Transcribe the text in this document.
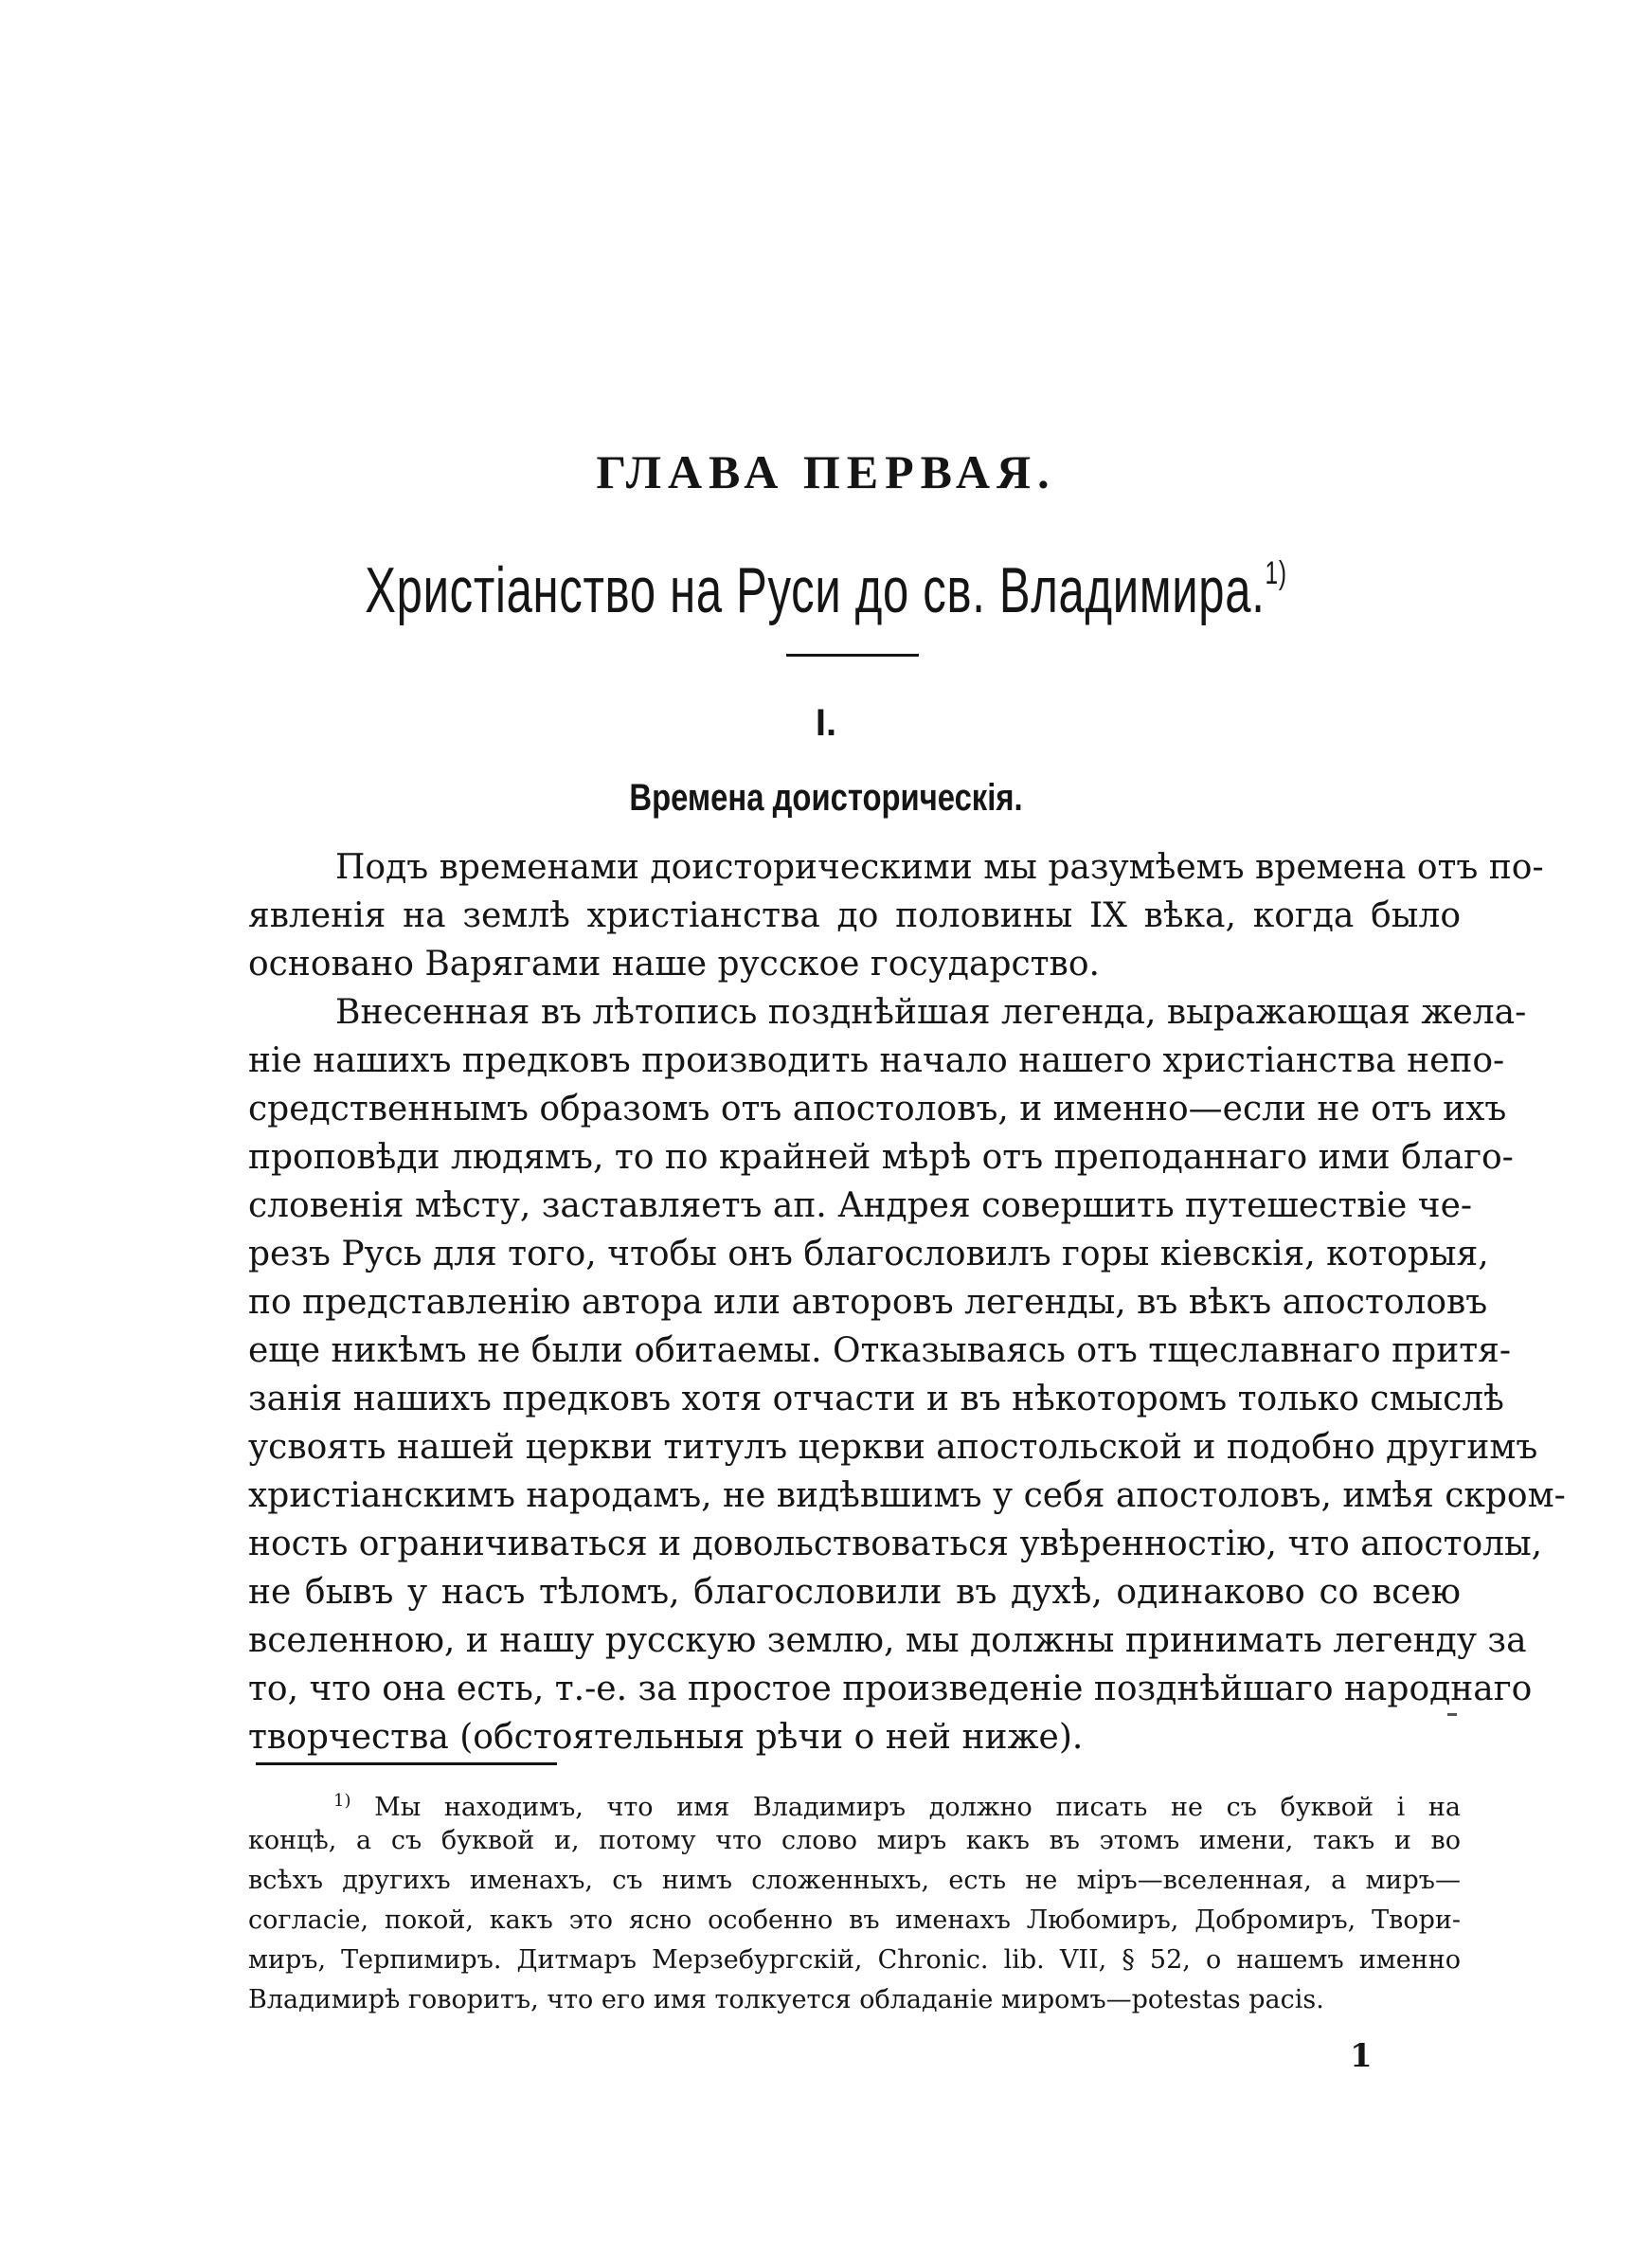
ГЛАВА ПЕРВАЯ.
Христіанство на Руси до св. Владимира.$^{1)}$
I.
Времена доисторическія.
Подъ временами доисторическими мы разумѣемъ времена отъ по-
явленія на землѣ христіанства до половины IX вѣка, когда было
основано Варягами наше русское государство.
Внесенная въ лѣтопись позднѣйшая легенда, выражающая жела-
ніе нашихъ предковъ производить начало нашего христіанства непо-
средственнымъ образомъ отъ апостоловъ, и именно—если не отъ ихъ
проповѣди людямъ, то по крайней мѣрѣ отъ преподаннаго ими благо-
словенія мѣсту, заставляетъ ап. Андрея совершить путешествіе че-
резъ Русь для того, чтобы онъ благословилъ горы кіевскія, которыя,
по представленію автора или авторовъ легенды, въ вѣкъ апостоловъ
еще никѣмъ не были обитаемы. Отказываясь отъ тщеславнаго притя-
занія нашихъ предковъ хотя отчасти и въ нѣкоторомъ только смыслѣ
усвоять нашей церкви титулъ церкви апостольской и подобно другимъ
христіанскимъ народамъ, не видѣвшимъ у себя апостоловъ, имѣя скром-
ность ограничиваться и довольствоваться увѣренностію, что апостолы,
не бывъ у насъ тѣломъ, благословили въ духѣ, одинаково со всею
вселенною, и нашу русскую землю, мы должны принимать легенду за
то, что она есть, т.-е. за простое произведеніе позднѣйшаго народнаго
творчества (обстоятельныя рѣчи о ней ниже).
$^{1)}$ Мы находимъ, что имя Владимиръ должно писать не съ буквой і на
концѣ, а съ буквой и, потому что слово миръ какъ въ этомъ имени, такъ и во
всѣхъ другихъ именахъ, съ нимъ сложенныхъ, есть не міръ—вселенная, а миръ—
согласіе, покой, какъ это ясно особенно въ именахъ Любомиръ, Добромиръ, Твори-
миръ, Терпимиръ. Дитмаръ Мерзебургскій, Chronic. lib. VII, § 52, о нашемъ именно
Владимирѣ говоритъ, что его имя толкуется обладаніе миромъ—potestas pacis.
1
